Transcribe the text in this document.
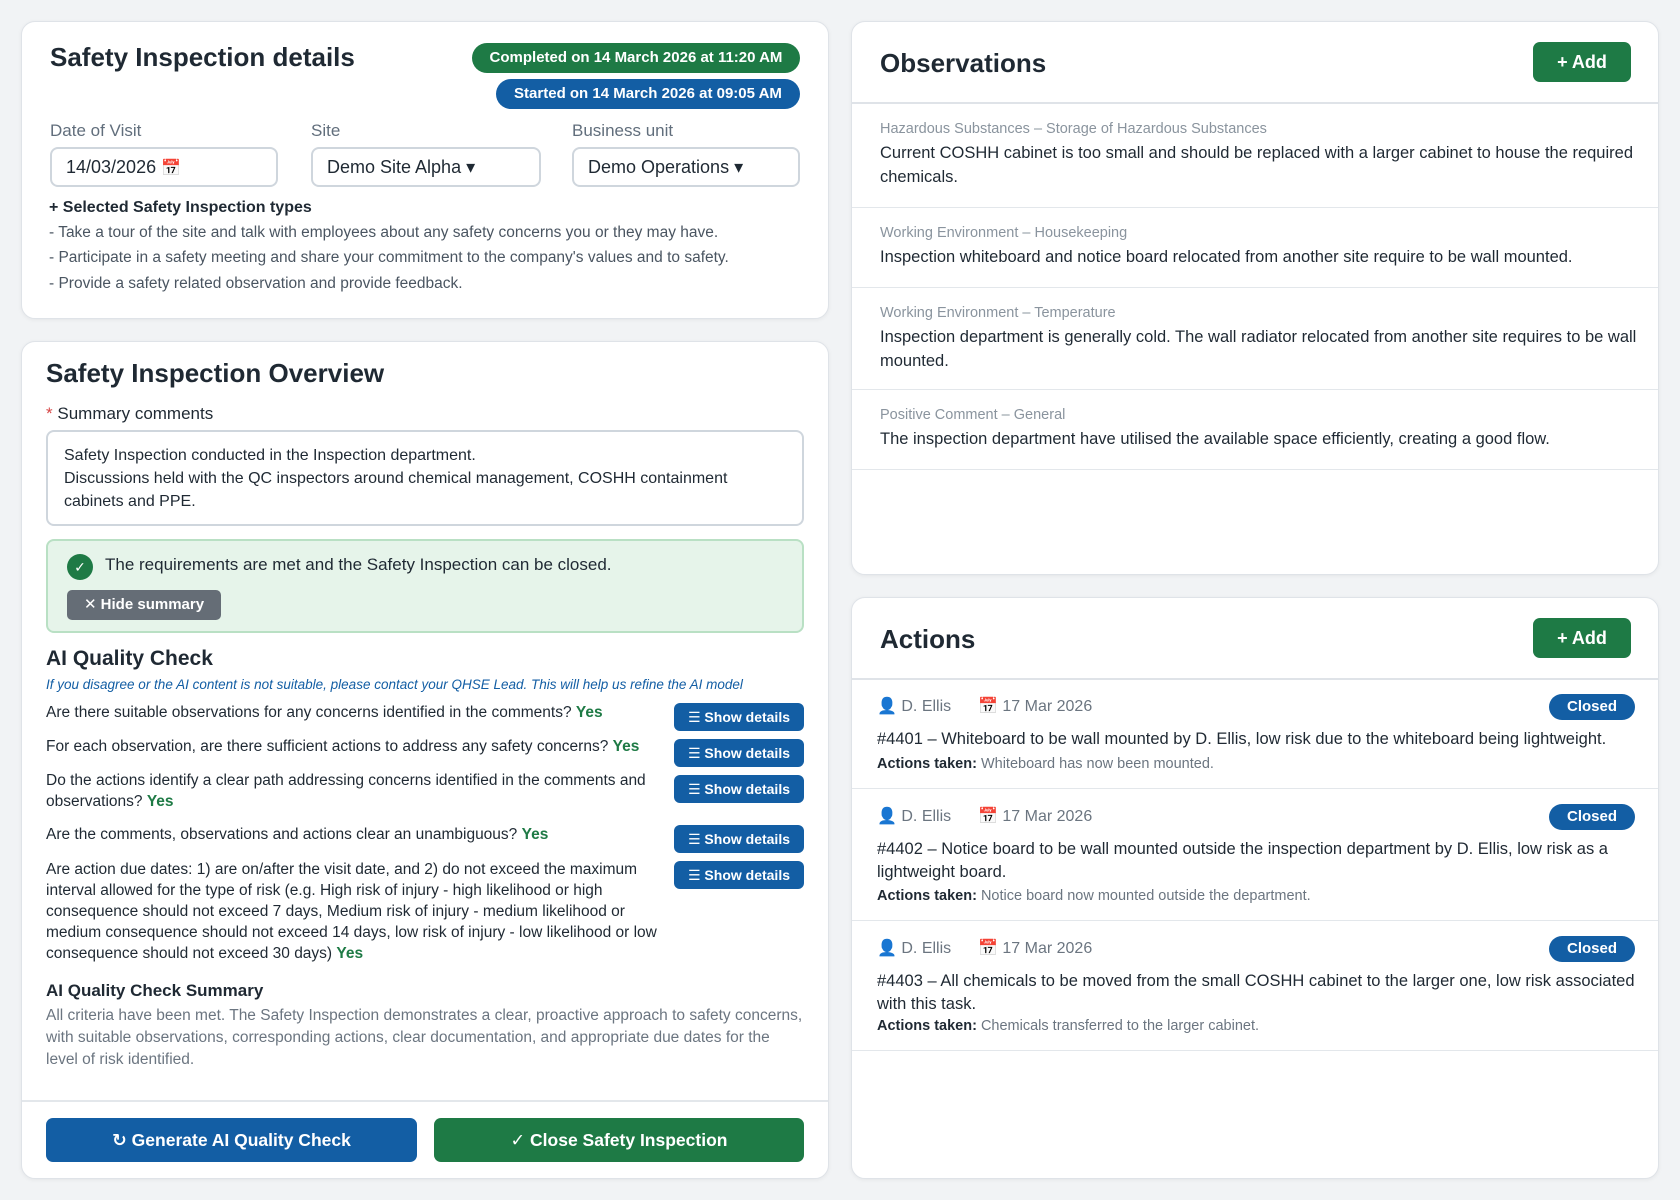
Safety Inspection details	Completed on 14 March 2026 at 11:20 AM
Started on 14 March 2026 at 09:05 AM
Date of Visit
14/03/2026 📅
Site
Demo Site Alpha ▾
Business unit
Demo Operations ▾
+ Selected Safety Inspection types
- Take a tour of the site and talk with employees about any safety concerns you or they may have.
- Participate in a safety meeting and share your commitment to the company's values and to safety.
- Provide a safety related observation and provide feedback.
Safety Inspection Overview
* Summary comments
Safety Inspection conducted in the Inspection department.
Discussions held with the QC inspectors around chemical management, COSHH containment cabinets and PPE.
✓	The requirements are met and the Safety Inspection can be closed.
✕ Hide summary
AI Quality Check
If you disagree or the AI content is not suitable, please contact your QHSE Lead. This will help us refine the AI model
Are there suitable observations for any concerns identified in the comments? Yes	☰ Show details
For each observation, are there sufficient actions to address any safety concerns? Yes	☰ Show details
Do the actions identify a clear path addressing concerns identified in the comments and observations? Yes
☰ Show details
Are the comments, observations and actions clear an unambiguous? Yes	☰ Show details
Are action due dates: 1) are on/after the visit date, and 2) do not exceed the maximum interval allowed for the type of risk (e.g. High risk of injury - high likelihood or high consequence should not exceed 7 days, Medium risk of injury - medium likelihood or medium consequence should not exceed 14 days, low risk of injury - low likelihood or low consequence should not exceed 30 days) Yes
☰ Show details
AI Quality Check Summary
All criteria have been met. The Safety Inspection demonstrates a clear, proactive approach to safety concerns, with suitable observations, corresponding actions, clear documentation, and appropriate due dates for the level of risk identified.
↻ Generate AI Quality Check	✓ Close Safety Inspection
Observations	+ Add
Hazardous Substances – Storage of Hazardous Substances
Current COSHH cabinet is too small and should be replaced with a larger cabinet to house the required chemicals.
Working Environment – Housekeeping
Inspection whiteboard and notice board relocated from another site require to be wall mounted.
Working Environment – Temperature
Inspection department is generally cold. The wall radiator relocated from another site requires to be wall mounted.
Positive Comment – General
The inspection department have utilised the available space efficiently, creating a good flow.
Actions	+ Add
👤 D. Ellis 📅 17 Mar 2026	Closed
#4401 – Whiteboard to be wall mounted by D. Ellis, low risk due to the whiteboard being lightweight.
Actions taken: Whiteboard has now been mounted.
👤 D. Ellis 📅 17 Mar 2026	Closed
#4402 – Notice board to be wall mounted outside the inspection department by D. Ellis, low risk as a lightweight board.
Actions taken: Notice board now mounted outside the department.
👤 D. Ellis 📅 17 Mar 2026	Closed
#4403 – All chemicals to be moved from the small COSHH cabinet to the larger one, low risk associated with this task.
Actions taken: Chemicals transferred to the larger cabinet.
